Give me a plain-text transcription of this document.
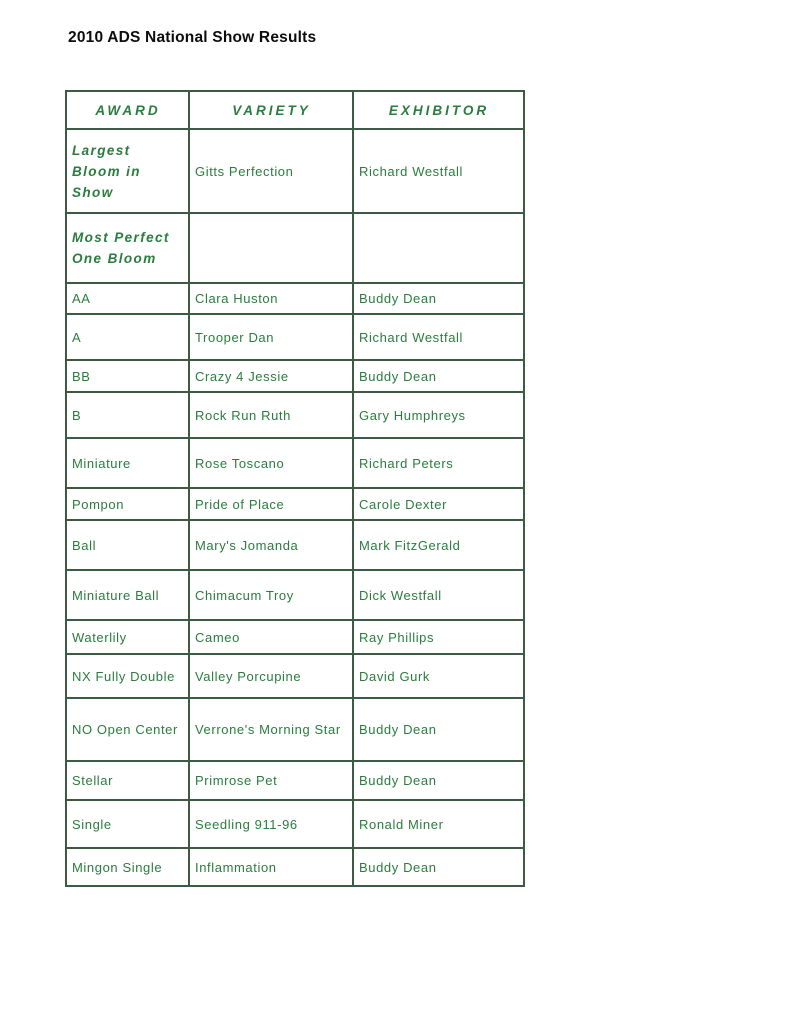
2010 ADS National Show Results
AWARD	VARIETY	EXHIBITOR
Largest Bloom in Show	Gitts Perfection	Richard Westfall
Most Perfect One Bloom		
AA	Clara Huston	Buddy Dean
A	Trooper Dan	Richard Westfall
BB	Crazy 4 Jessie	Buddy Dean
B	Rock Run Ruth	Gary Humphreys
Miniature	Rose Toscano	Richard Peters
Pompon	Pride of Place	Carole Dexter
Ball	Mary's Jomanda	Mark FitzGerald
Miniature Ball	Chimacum Troy	Dick Westfall
Waterlily	Cameo	Ray Phillips
NX Fully Double	Valley Porcupine	David Gurk
NO Open Center	Verrone's Morning Star	Buddy Dean
Stellar	Primrose Pet	Buddy Dean
Single	Seedling 911-96	Ronald Miner
Mingon Single	Inflammation	Buddy Dean
